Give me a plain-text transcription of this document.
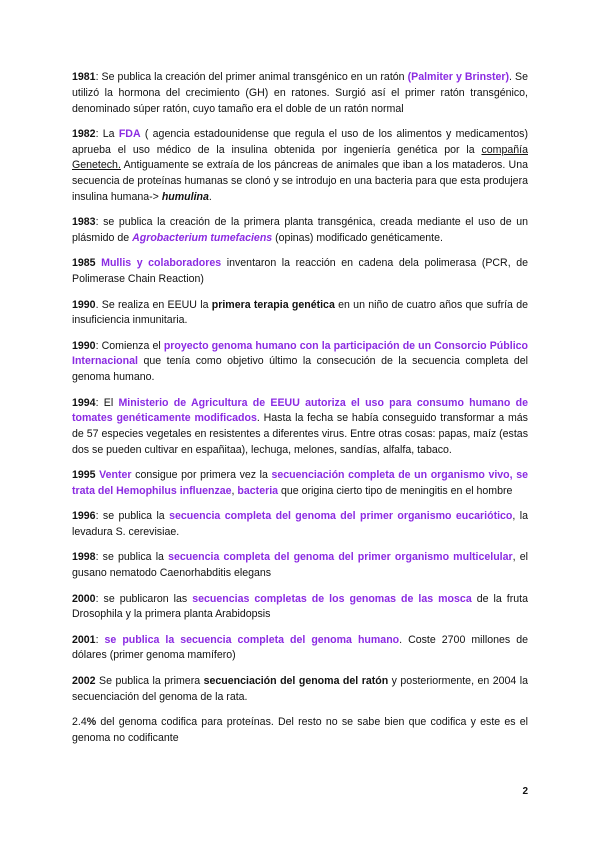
1981: Se publica la creación del primer animal transgénico en un ratón (Palmiter y Brinster). Se utilizó la hormona del crecimiento (GH) en ratones. Surgió así el primer ratón transgénico, denominado súper ratón, cuyo tamaño era el doble de un ratón normal

1982: La FDA ( agencia estadounidense que regula el uso de los alimentos y medicamentos) aprueba el uso médico de la insulina obtenida por ingeniería genética por la compañía Genetech. Antiguamente se extraía de los páncreas de animales que iban a los mataderos. Una secuencia de proteínas humanas se clonó y se introdujo en una bacteria para que esta produjera insulina humana-> humulina.

1983: se publica la creación de la primera planta transgénica, creada mediante el uso de un plásmido de Agrobacterium tumefaciens (opinas) modificado genéticamente.

1985 Mullis y colaboradores inventaron la reacción en cadena dela polimerasa (PCR, de Polimerase Chain Reaction)

1990. Se realiza en EEUU la primera terapia genética en un niño de cuatro años que sufría de insuficiencia inmunitaria.

1990: Comienza el proyecto genoma humano con la participación de un Consorcio Público Internacional que tenía como objetivo último la consecución de la secuencia completa del genoma humano.

1994: El Ministerio de Agricultura de EEUU autoriza el uso para consumo humano de tomates genéticamente modificados. Hasta la fecha se había conseguido transformar a más de 57 especies vegetales en resistentes a diferentes virus. Entre otras cosas: papas, maíz (estas dos se pueden cultivar en españitaa), lechuga, melones, sandías, alfalfa, tabaco.

1995 Venter consigue por primera vez la secuenciación completa de un organismo vivo, se trata del Hemophilus influenzae, bacteria que origina cierto tipo de meningitis en el hombre

1996: se publica la secuencia completa del genoma del primer organismo eucariótico, la levadura S. cerevisiae.

1998: se publica la secuencia completa del genoma del primer organismo multicelular, el gusano nematodo Caenorhabditis elegans

2000: se publicaron las secuencias completas de los genomas de las mosca de la fruta Drosophila y la primera planta Arabidopsis

2001: se publica la secuencia completa del genoma humano. Coste 2700 millones de dólares (primer genoma mamífero)

2002 Se publica la primera secuenciación del genoma del ratón y posteriormente, en 2004 la secuenciación del genoma de la rata.

2.4% del genoma codifica para proteínas. Del resto no se sabe bien que codifica y este es el genoma no codificante

2
